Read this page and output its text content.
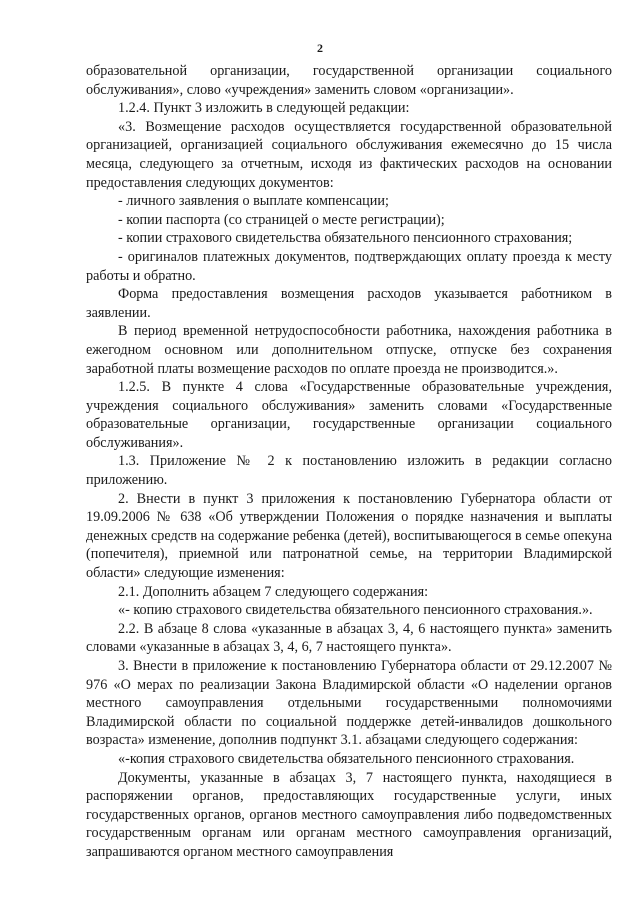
2

образовательной организации, государственной организации социального обслуживания», слово «учреждения» заменить словом «организации».

1.2.4. Пункт 3 изложить в следующей редакции:

«3. Возмещение расходов осуществляется государственной образовательной организацией, организацией социального обслуживания ежемесячно до 15 числа месяца, следующего за отчетным, исходя из фактических расходов на основании предоставления следующих документов:

- личного заявления о выплате компенсации;

- копии паспорта (со страницей о месте регистрации);

- копии страхового свидетельства обязательного пенсионного страхования;

- оригиналов платежных документов, подтверждающих оплату проезда к месту работы и обратно.

Форма предоставления возмещения расходов указывается работником в заявлении.

В период временной нетрудоспособности работника, нахождения работника в ежегодном основном или дополнительном отпуске, отпуске без сохранения заработной платы возмещение расходов по оплате проезда не производится.».

1.2.5. В пункте 4 слова «Государственные образовательные учреждения, учреждения социального обслуживания» заменить словами «Государственные образовательные организации, государственные организации социального обслуживания».

1.3. Приложение № 2 к постановлению изложить в редакции согласно приложению.

2. Внести в пункт 3 приложения к постановлению Губернатора области от 19.09.2006 № 638 «Об утверждении Положения о порядке назначения и выплаты денежных средств на содержание ребенка (детей), воспитывающегося в семье опекуна (попечителя), приемной или патронатной семье, на территории Владимирской области» следующие изменения:

2.1. Дополнить абзацем 7 следующего содержания:

«- копию страхового свидетельства обязательного пенсионного страхования.».

2.2. В абзаце 8 слова «указанные в абзацах 3, 4, 6 настоящего пункта» заменить словами «указанные в абзацах 3, 4, 6, 7 настоящего пункта».

3. Внести в приложение к постановлению Губернатора области от 29.12.2007 № 976 «О мерах по реализации Закона Владимирской области «О наделении органов местного самоуправления отдельными государственными полномочиями Владимирской области по социальной поддержке детей-инвалидов дошкольного возраста» изменение, дополнив подпункт 3.1. абзацами следующего содержания:

«-копия страхового свидетельства обязательного пенсионного страхования.

Документы, указанные в абзацах 3, 7 настоящего пункта, находящиеся в распоряжении органов, предоставляющих государственные услуги, иных государственных органов, органов местного самоуправления либо подведомственных государственным органам или органам местного самоуправления организаций, запрашиваются органом местного самоуправления
